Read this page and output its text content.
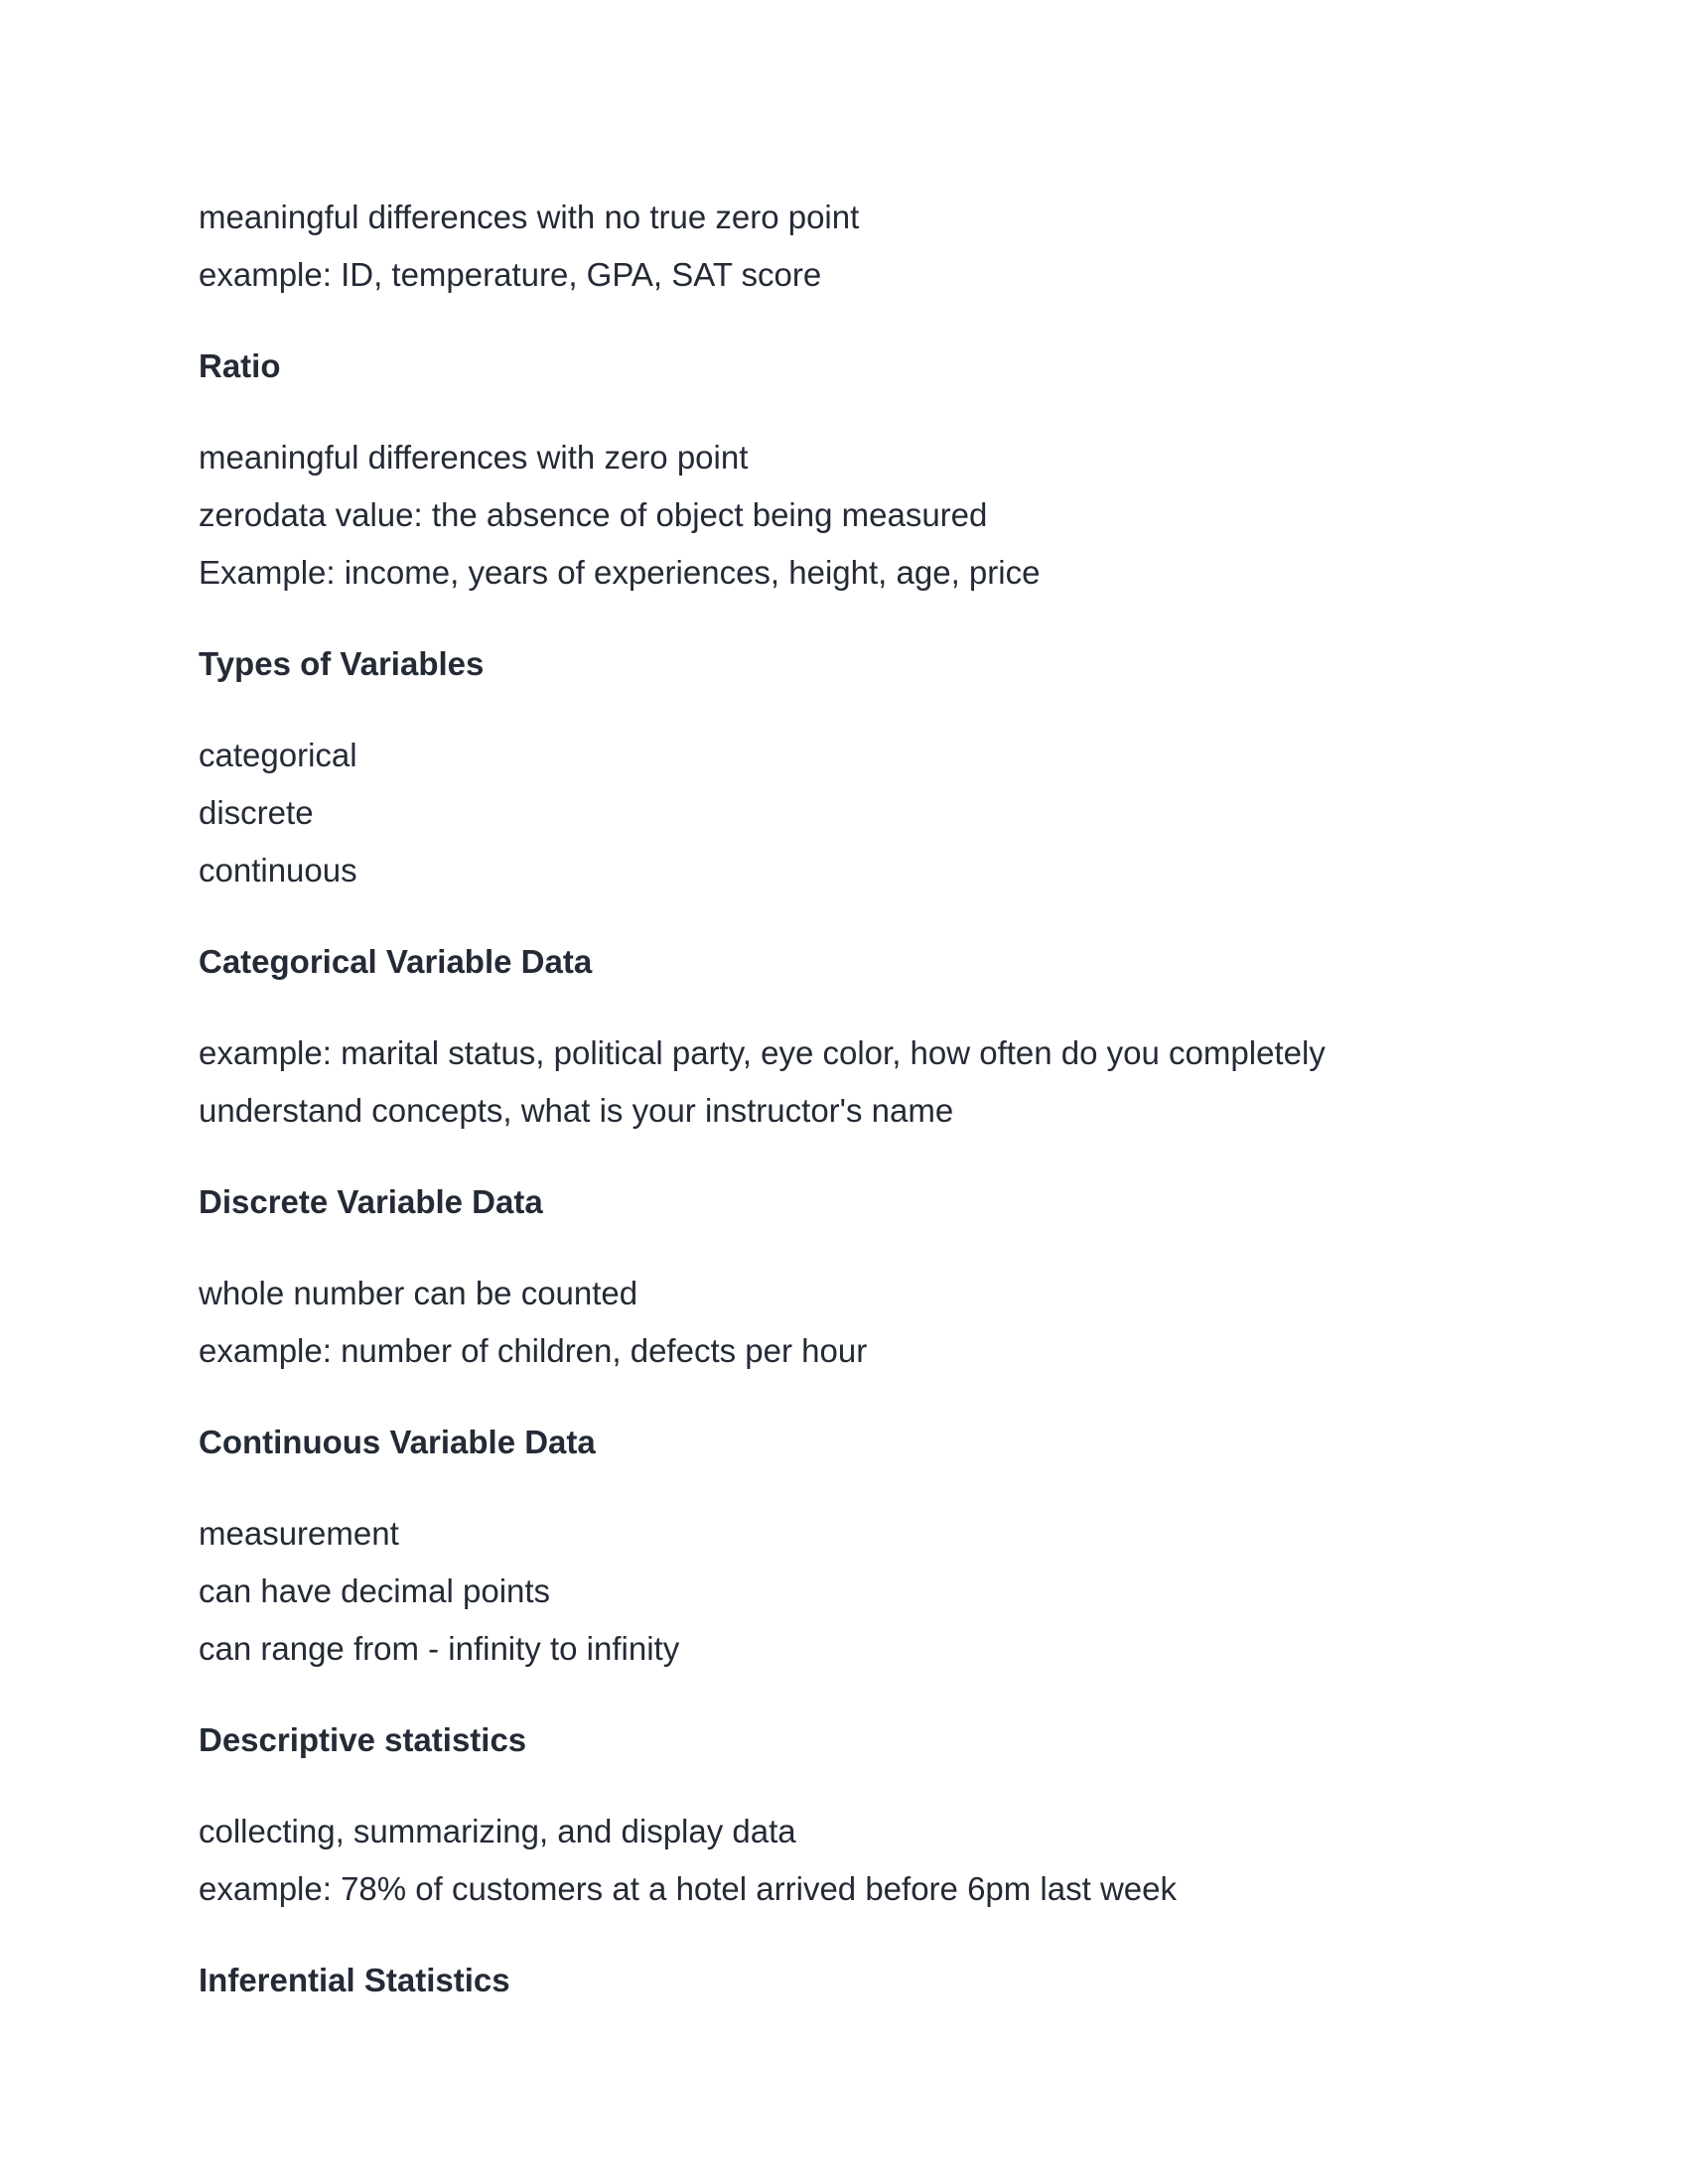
meaningful differences with no true zero point

example: ID, temperature, GPA, SAT score

Ratio

meaningful differences with zero point

zerodata value: the absence of object being measured

Example: income, years of experiences, height, age, price

Types of Variables

categorical

discrete

continuous

Categorical Variable Data

example: marital status, political party, eye color, how often do you completely

understand concepts, what is your instructor's name

Discrete Variable Data

whole number can be counted

example: number of children, defects per hour

Continuous Variable Data

measurement

can have decimal points

can range from - infinity to infinity

Descriptive statistics

collecting, summarizing, and display data

example: 78% of customers at a hotel arrived before 6pm last week

Inferential Statistics
